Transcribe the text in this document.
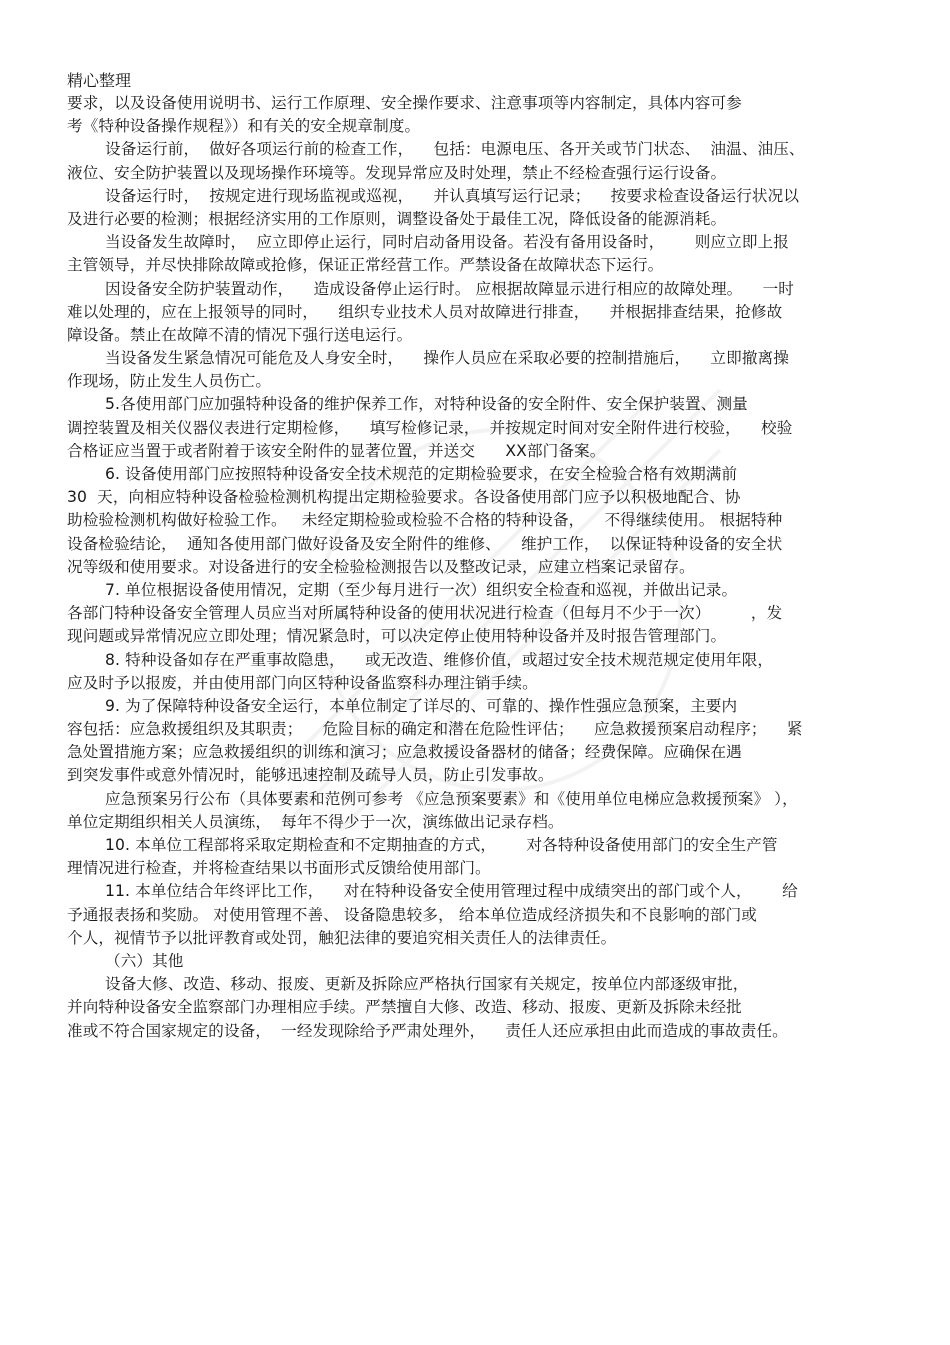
精心整理
要求，以及设备使用说明书、运行工作原理、安全操作要求、注意事项等内容制定，具体内容可参
考《特种设备操作规程》）和有关的安全规章制度。
设备运行前，  做好各项运行前的检查工作，    包括：电源电压、各开关或节门状态、  油温、油压、
液位、安全防护装置以及现场操作环境等。发现异常应及时处理，禁止不经检查强行运行设备。
设备运行时，  按规定进行现场监视或巡视，    并认真填写运行记录；    按要求检查设备运行状况以
及进行必要的检测；根据经济实用的工作原则，调整设备处于最佳工况，降低设备的能源消耗。
当设备发生故障时，  应立即停止运行，同时启动备用设备。若没有备用设备时，      则应立即上报
主管领导，并尽快排除故障或抢修，保证正常经营工作。严禁设备在故障状态下运行。
因设备安全防护装置动作，    造成设备停止运行时。 应根据故障显示进行相应的故障处理。    一时
难以处理的，应在上报领导的同时，    组织专业技术人员对故障进行排查，    并根据排查结果，抢修故
障设备。禁止在故障不清的情况下强行送电运行。
当设备发生紧急情况可能危及人身安全时，    操作人员应在采取必要的控制措施后，    立即撤离操
作现场，防止发生人员伤亡。
5.各使用部门应加强特种设备的维护保养工作，对特种设备的安全附件、安全保护装置、测量
调控装置及相关仪器仪表进行定期检修，    填写检修记录，  并按规定时间对安全附件进行校验，    校验
合格证应当置于或者附着于该安全附件的显著位置，并送交      XX部门备案。
6. 设备使用部门应按照特种设备安全技术规范的定期检验要求，在安全检验合格有效期满前
30  天，向相应特种设备检验检测机构提出定期检验要求。各设备使用部门应予以积极地配合、协
助检验检测机构做好检验工作。   未经定期检验或检验不合格的特种设备，    不得继续使用。 根据特种
设备检验结论，  通知各使用部门做好设备及安全附件的维修、    维护工作，  以保证特种设备的安全状
况等级和使用要求。对设备进行的安全检验检测报告以及整改记录，应建立档案记录留存。
7. 单位根据设备使用情况，定期（至少每月进行一次）组织安全检查和巡视，并做出记录。
各部门特种设备安全管理人员应当对所属特种设备的使用状况进行检查（但每月不少于一次）        ，发
现问题或异常情况应立即处理；情况紧急时，可以决定停止使用特种设备并及时报告管理部门。
8. 特种设备如存在严重事故隐患，    或无改造、维修价值，或超过安全技术规范规定使用年限，
应及时予以报废，并由使用部门向区特种设备监察科办理注销手续。
9. 为了保障特种设备安全运行，本单位制定了详尽的、可靠的、操作性强应急预案，主要内
容包括：应急救援组织及其职责；    危险目标的确定和潜在危险性评估；    应急救援预案启动程序；    紧
急处置措施方案；应急救援组织的训练和演习；应急救援设备器材的储备；经费保障。应确保在遇
到突发事件或意外情况时，能够迅速控制及疏导人员，防止引发事故。
应急预案另行公布（具体要素和范例可参考 《应急预案要素》和《使用单位电梯应急救援预案》 ），
单位定期组织相关人员演练，  每年不得少于一次，演练做出记录存档。
10. 本单位工程部将采取定期检查和不定期抽查的方式，      对各特种设备使用部门的安全生产管
理情况进行检查，并将检查结果以书面形式反馈给使用部门。
11. 本单位结合年终评比工作，    对在特种设备安全使用管理过程中成绩突出的部门或个人，      给
予通报表扬和奖励。 对使用管理不善、 设备隐患较多， 给本单位造成经济损失和不良影响的部门或
个人，视情节予以批评教育或处罚，触犯法律的要追究相关责任人的法律责任。
（六）其他
设备大修、改造、移动、报废、更新及拆除应严格执行国家有关规定，按单位内部逐级审批，
并向特种设备安全监察部门办理相应手续。严禁擅自大修、改造、移动、报废、更新及拆除未经批
准或不符合国家规定的设备，  一经发现除给予严肃处理外，    责任人还应承担由此而造成的事故责任。
